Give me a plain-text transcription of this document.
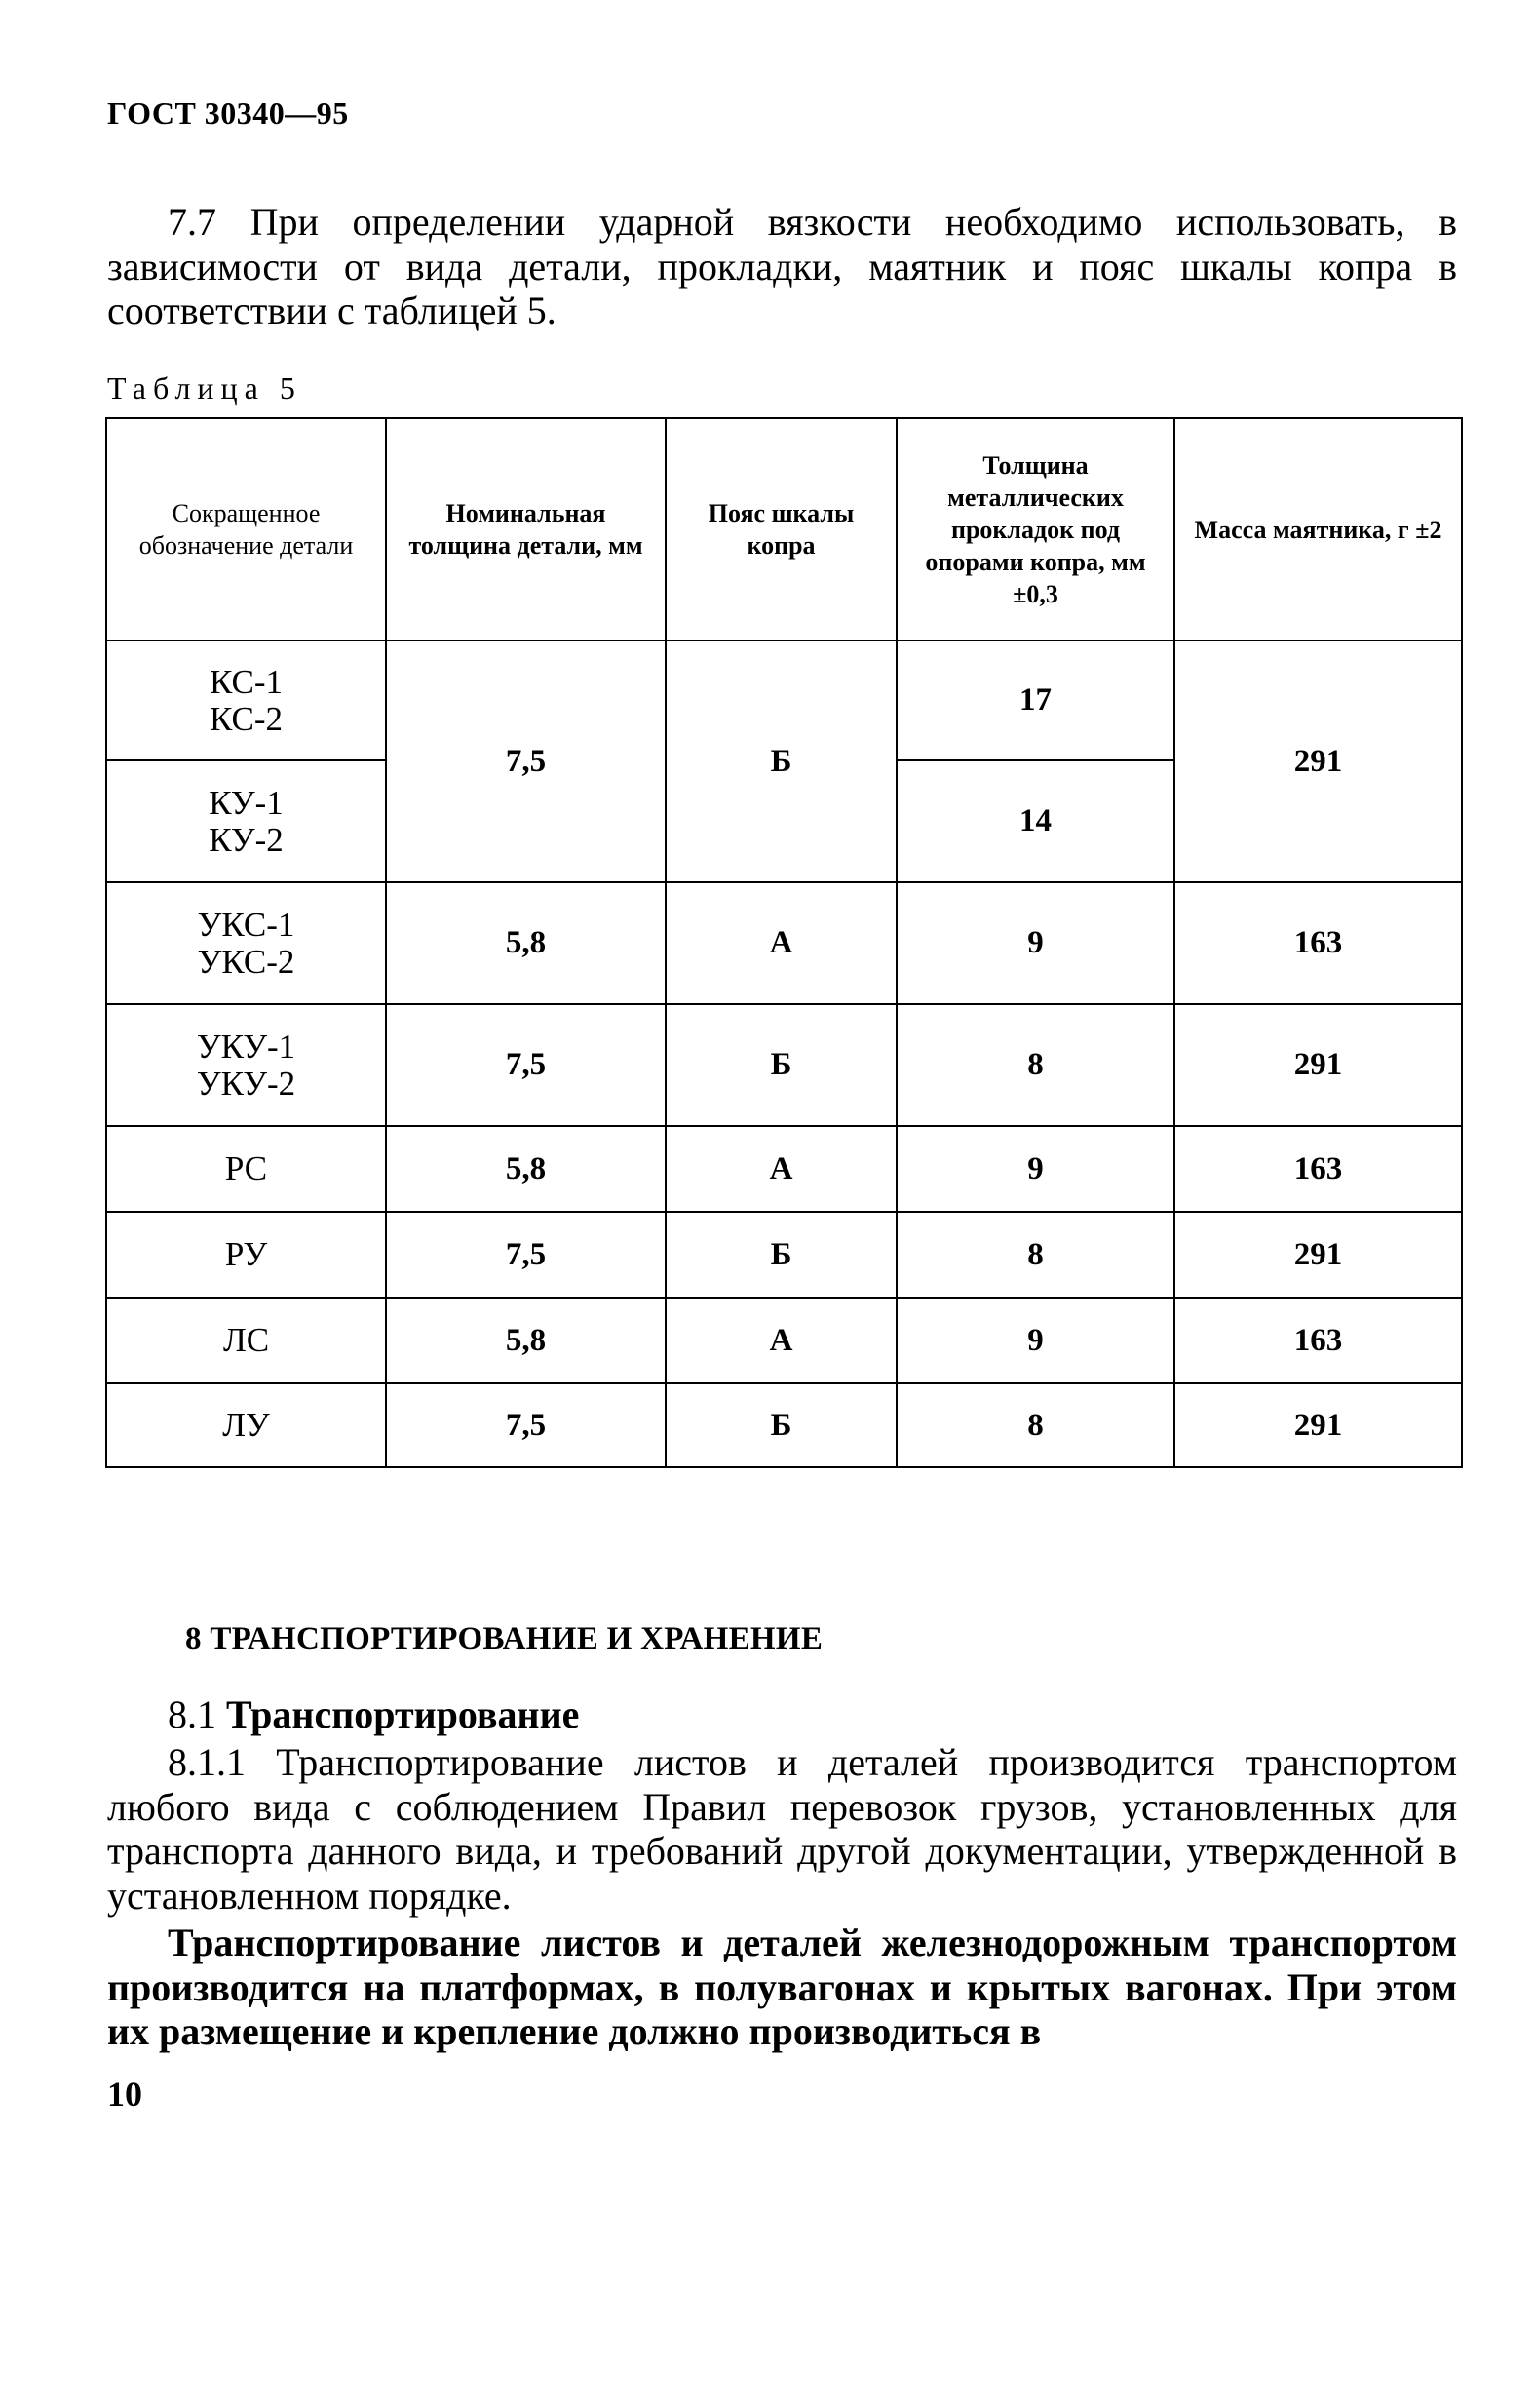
ГОСТ 30340—95
7.7 При определении ударной вязкости необходимо использовать, в зависимости от вида детали, прокладки, маятник и пояс шкалы копра в соответствии с таблицей 5.
Таблица 5
Сокращенное обозначение детали	Номинальная толщина детали, мм	Пояс шкалы копра	Толщина металлических прокладок под опорами копра, мм ±0,3	Масса маятника, г ±2
КС-1
КС-2	7,5	Б	17	291
КУ-1
КУ-2			14	
УКС-1
УКС-2	5,8	А	9	163
УКУ-1
УКУ-2	7,5	Б	8	291
РС	5,8	А	9	163
РУ	7,5	Б	8	291
ЛС	5,8	А	9	163
ЛУ	7,5	Б	8	291
8 ТРАНСПОРТИРОВАНИЕ И ХРАНЕНИЕ
8.1 Транспортирование
8.1.1 Транспортирование листов и деталей производится транспортом любого вида с соблюдением Правил перевозок грузов, установленных для транспорта данного вида, и требований другой документации, утвержденной в установленном порядке.
Транспортирование листов и деталей железнодорожным транспортом производится на платформах, в полувагонах и крытых вагонах. При этом их размещение и крепление должно производиться в
10
